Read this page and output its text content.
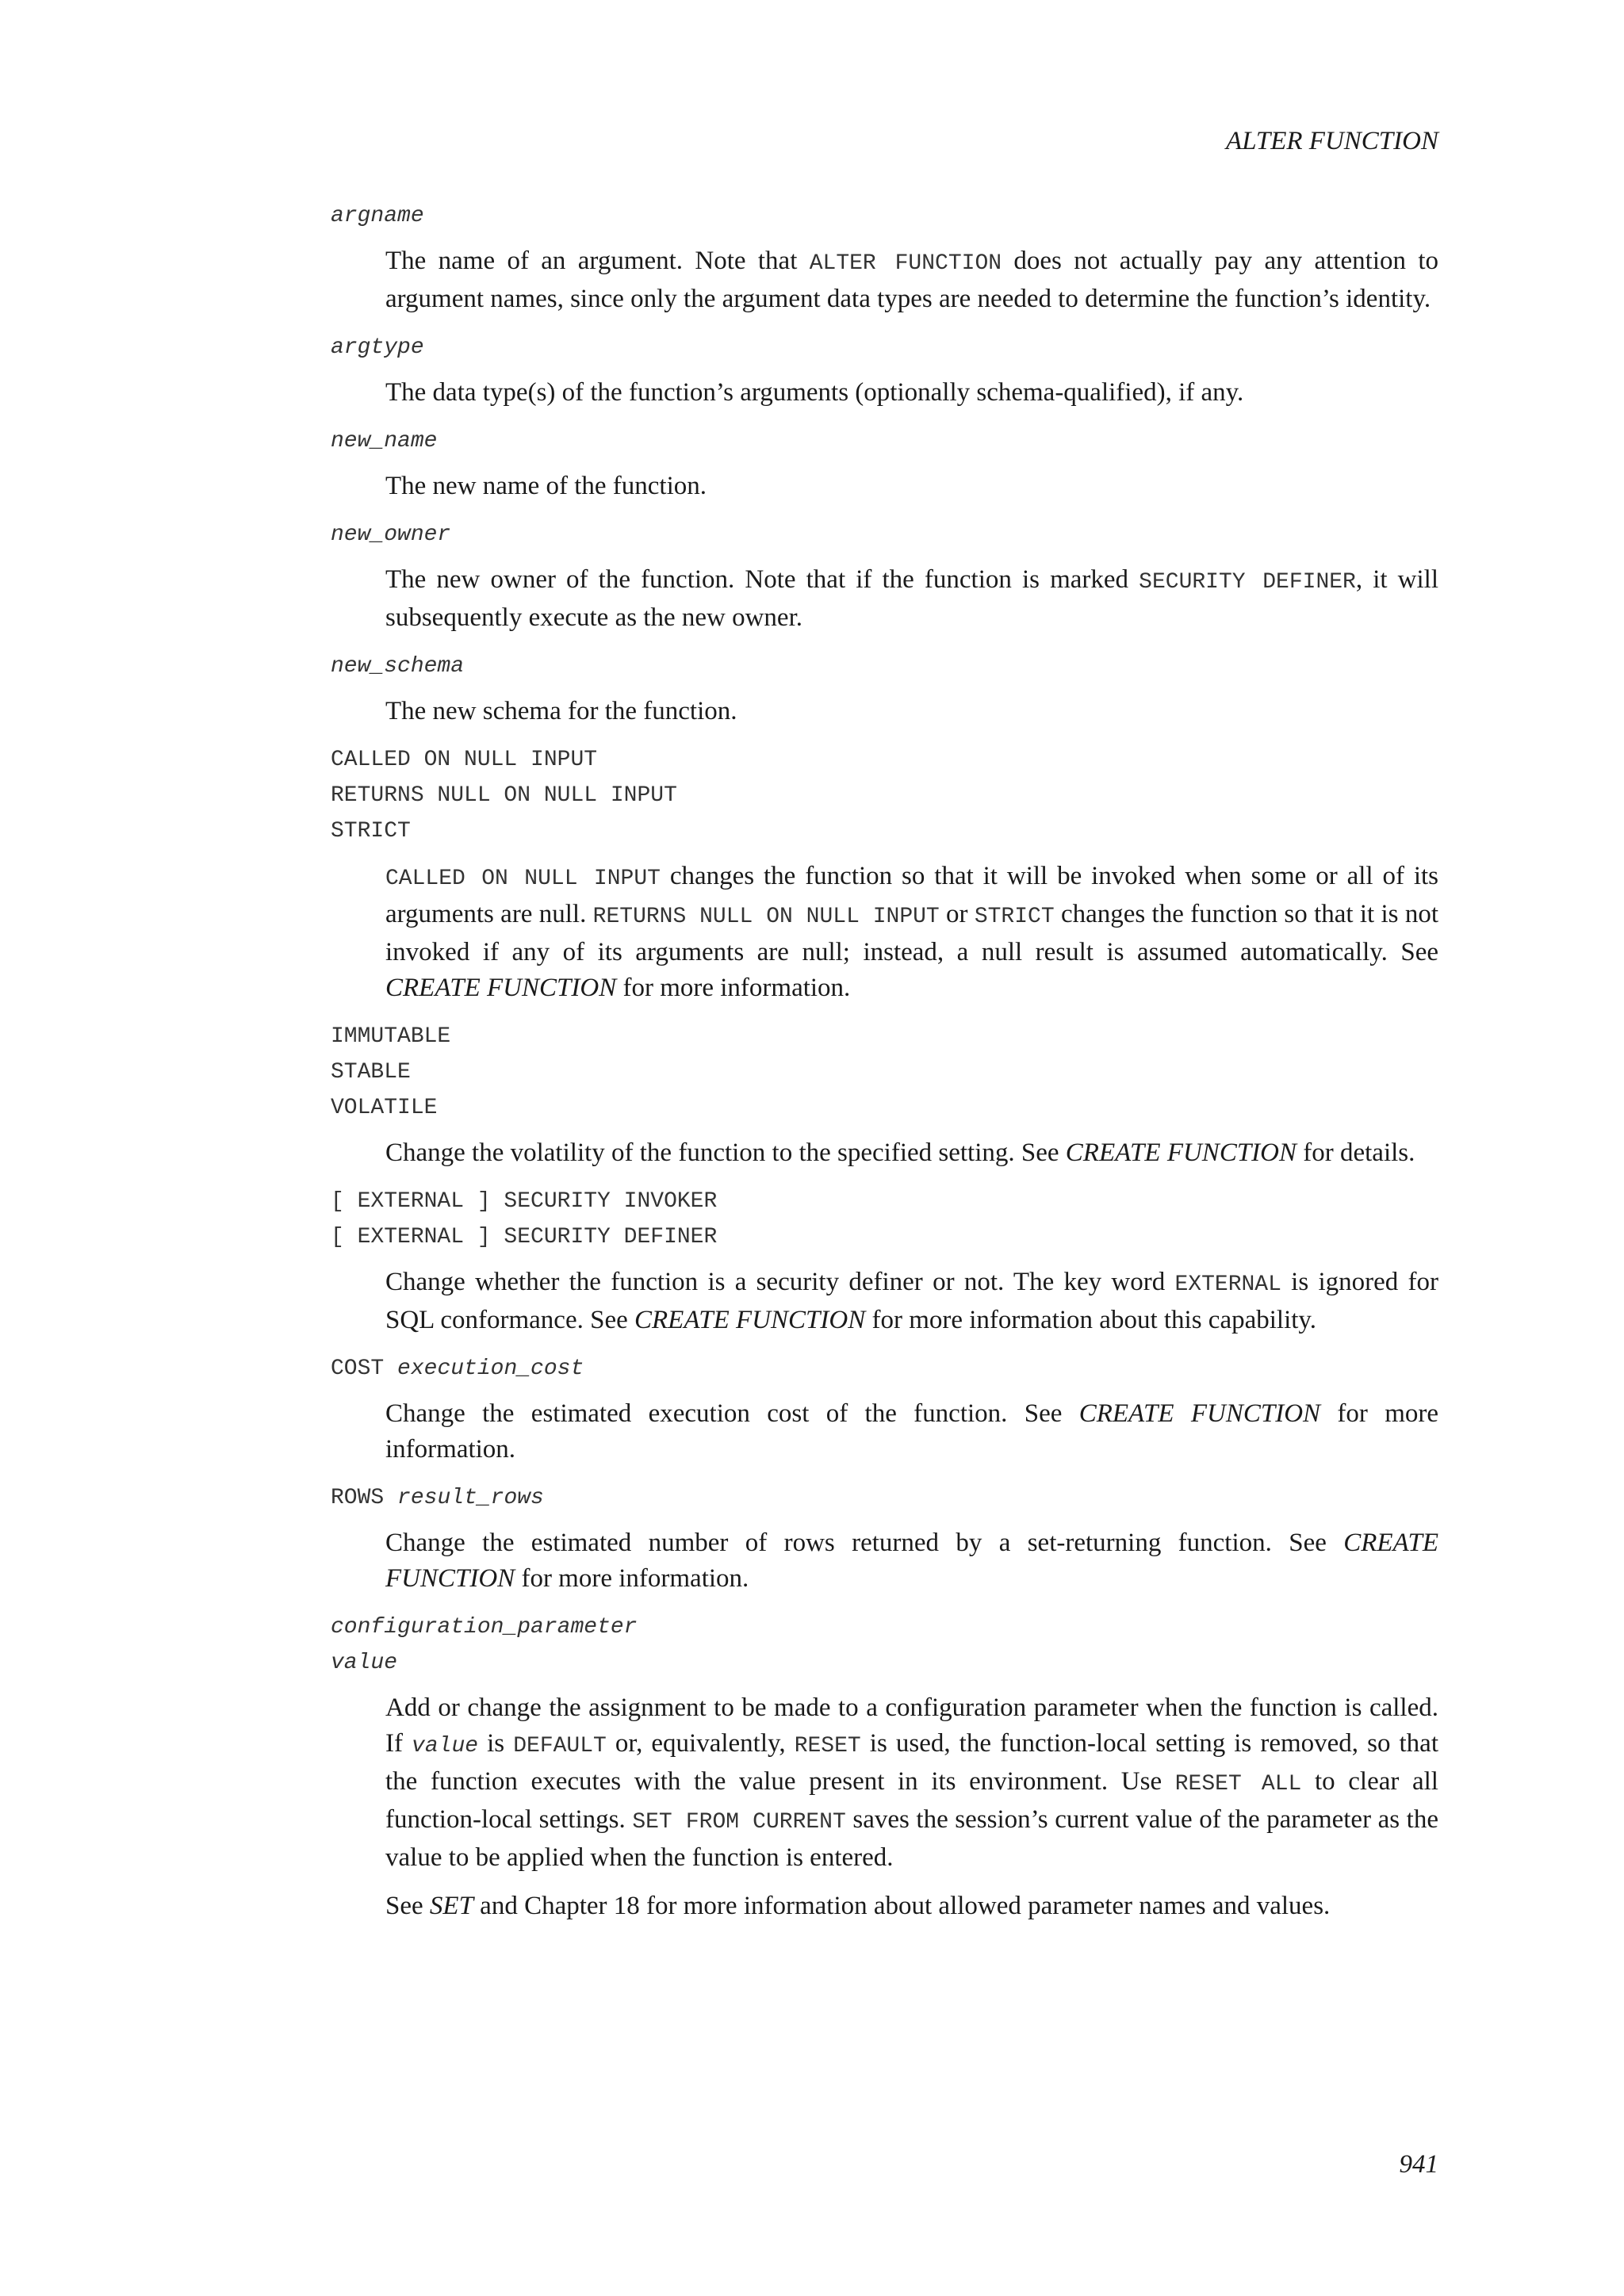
ALTER FUNCTION
argname
The name of an argument. Note that ALTER FUNCTION does not actually pay any attention to argument names, since only the argument data types are needed to determine the function’s identity.
argtype
The data type(s) of the function’s arguments (optionally schema-qualified), if any.
new_name
The new name of the function.
new_owner
The new owner of the function. Note that if the function is marked SECURITY DEFINER, it will subsequently execute as the new owner.
new_schema
The new schema for the function.
CALLED ON NULL INPUT
RETURNS NULL ON NULL INPUT
STRICT
CALLED ON NULL INPUT changes the function so that it will be invoked when some or all of its arguments are null. RETURNS NULL ON NULL INPUT or STRICT changes the function so that it is not invoked if any of its arguments are null; instead, a null result is assumed automatically. See CREATE FUNCTION for more information.
IMMUTABLE
STABLE
VOLATILE
Change the volatility of the function to the specified setting. See CREATE FUNCTION for details.
[ EXTERNAL ] SECURITY INVOKER
[ EXTERNAL ] SECURITY DEFINER
Change whether the function is a security definer or not. The key word EXTERNAL is ignored for SQL conformance. See CREATE FUNCTION for more information about this capability.
COST execution_cost
Change the estimated execution cost of the function. See CREATE FUNCTION for more information.
ROWS result_rows
Change the estimated number of rows returned by a set-returning function. See CREATE FUNCTION for more information.
configuration_parameter
value
Add or change the assignment to be made to a configuration parameter when the function is called. If value is DEFAULT or, equivalently, RESET is used, the function-local setting is removed, so that the function executes with the value present in its environment. Use RESET ALL to clear all function-local settings. SET FROM CURRENT saves the session’s current value of the parameter as the value to be applied when the function is entered.
See SET and Chapter 18 for more information about allowed parameter names and values.
941
